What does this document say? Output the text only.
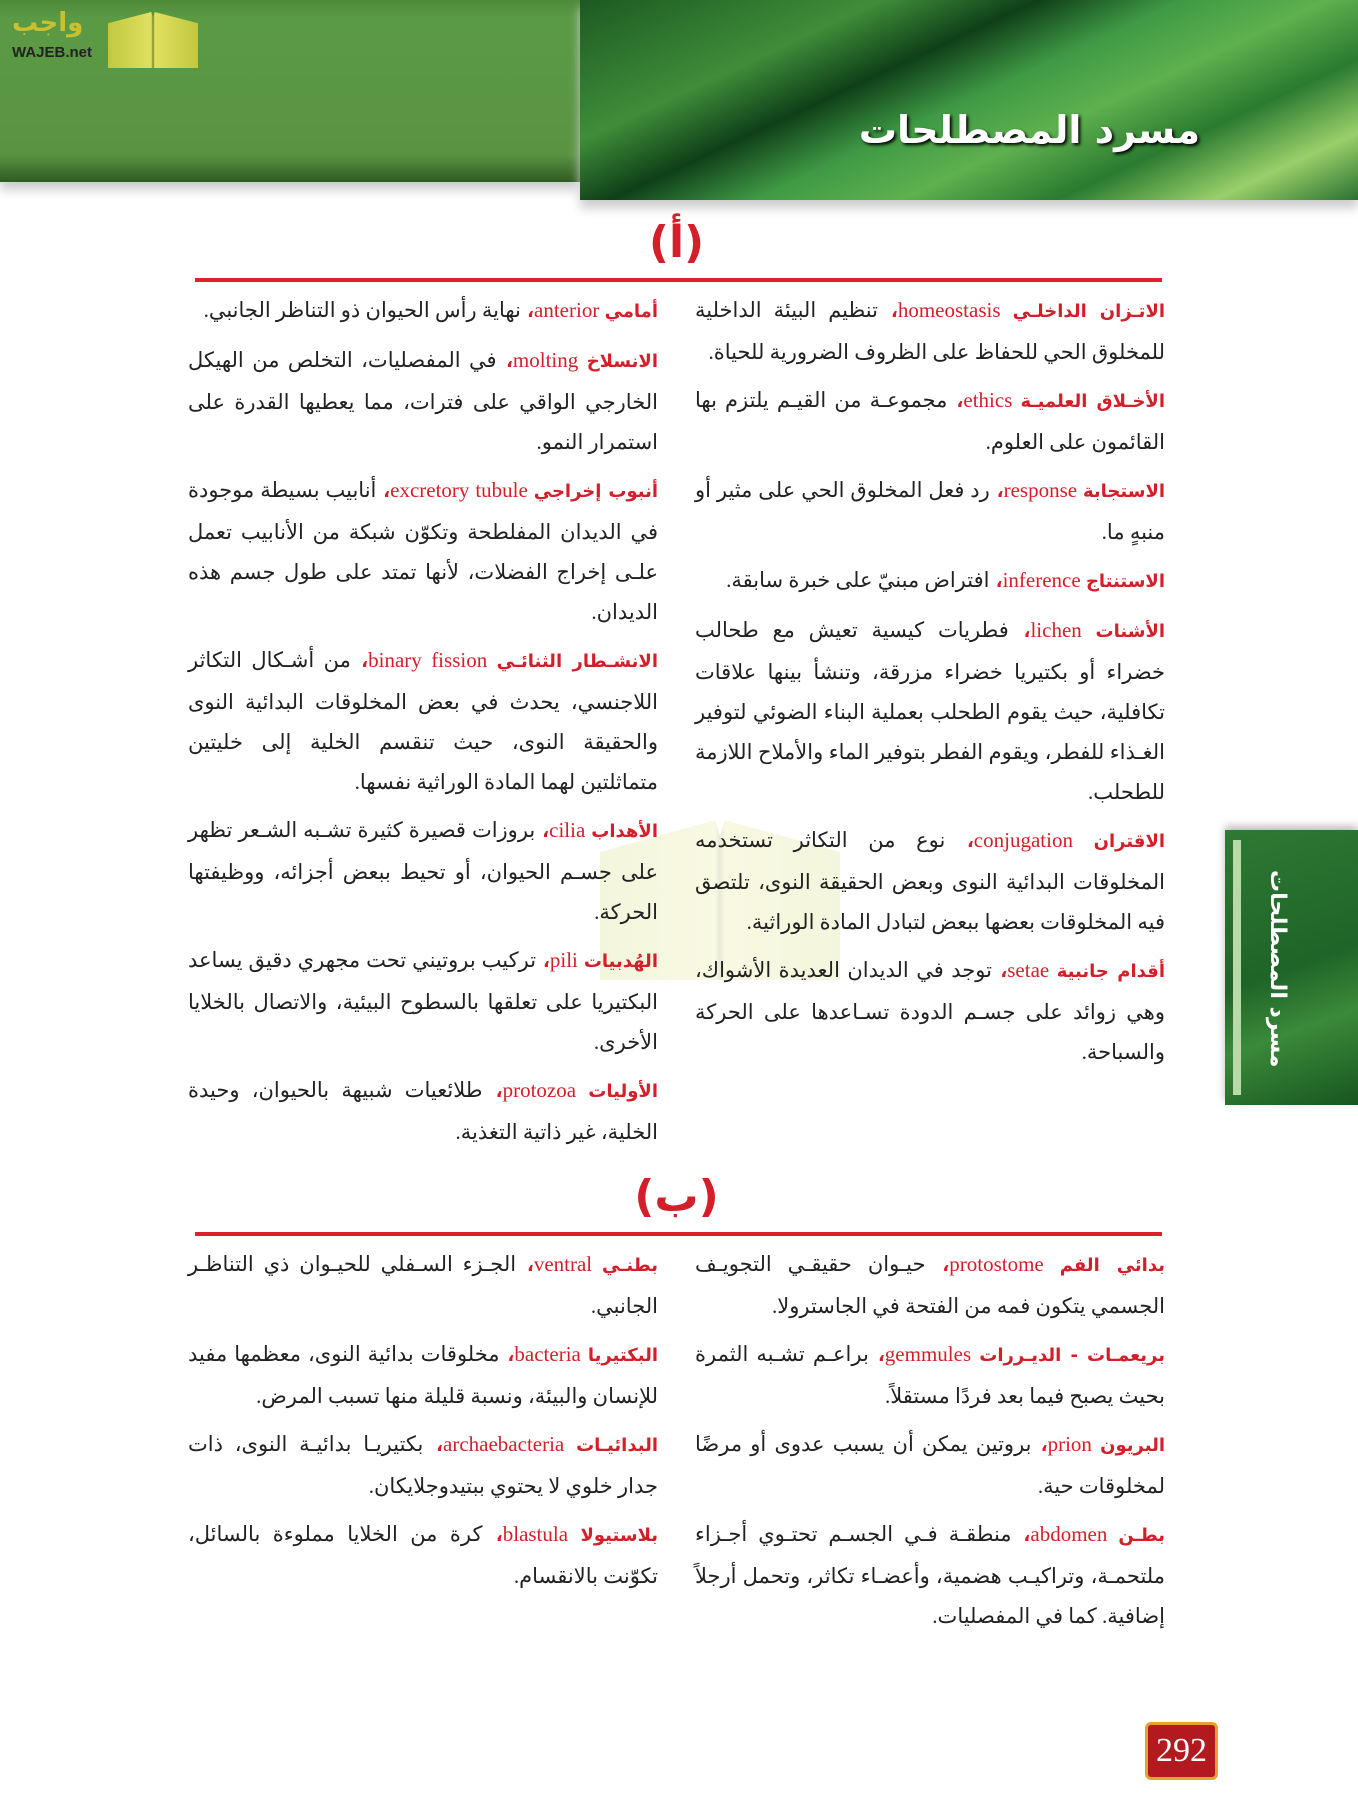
واجب
WAJEB.net
مسرد المصطلحات
(أ)

الاتـزان الداخلـي homeostasis، تنظيم البيئة الداخلية للمخلوق الحي للحفاظ على الظروف الضرورية للحياة.

الأخـلاق العلميـة ethics، مجموعـة من القيـم يلتزم بها القائمون على العلوم.

الاستجابة response، رد فعل المخلوق الحي على مثير أو منبهٍ ما.

الاستنتاج inference، افتراض مبنيّ على خبرة سابقة.

الأشنات lichen، فطريات كيسية تعيش مع طحالب خضراء أو بكتيريا خضراء مزرقة، وتنشأ بينها علاقات تكافلية، حيث يقوم الطحلب بعملية البناء الضوئي لتوفير الغـذاء للفطر، ويقوم الفطر بتوفير الماء والأملاح اللازمة للطحلب.

الاقتران conjugation، نوع من التكاثر تستخدمه المخلوقات البدائية النوى وبعض الحقيقة النوى، تلتصق فيه المخلوقات بعضها ببعض لتبادل المادة الوراثية.

أقدام جانبية setae، توجد في الديدان العديدة الأشواك، وهي زوائد على جسـم الدودة تسـاعدها على الحركة والسباحة.

أمامي anterior، نهاية رأس الحيوان ذو التناظر الجانبي.

الانسلاخ molting، في المفصليات، التخلص من الهيكل الخارجي الواقي على فترات، مما يعطيها القدرة على استمرار النمو.

أنبوب إخراجي excretory tubule، أنابيب بسيطة موجودة في الديدان المفلطحة وتكوّن شبكة من الأنابيب تعمل علـى إخراج الفضلات، لأنها تمتد على طول جسم هذه الديدان.

الانشـطار الثنائـي binary fission، من أشـكال التكاثر اللاجنسي، يحدث في بعض المخلوقات البدائية النوى والحقيقة النوى، حيث تنقسم الخلية إلى خليتين متماثلتين لهما المادة الوراثية نفسها.

الأهداب cilia، بروزات قصيرة كثيرة تشـبه الشـعر تظهر على جسـم الحيوان، أو تحيط ببعض أجزائه، ووظيفتها الحركة.

الهُدبيات pili، تركيب بروتيني تحت مجهري دقيق يساعد البكتيريا على تعلقها بالسطوح البيئية، والاتصال بالخلايا الأخرى.

الأوليات protozoa، طلائعيات شبيهة بالحيوان، وحيدة الخلية، غير ذاتية التغذية.

(ب)

بدائي الفم protostome، حيـوان حقيقـي التجويـف الجسمي يتكون فمه من الفتحة في الجاسترولا.

بريعمـات - الديـررات gemmules، براعـم تشـبه الثمرة بحيث يصبح فيما بعد فردًا مستقلاً.

البريون prion، بروتين يمكن أن يسبب عدوى أو مرضًا لمخلوقات حية.

بطـن abdomen، منطقـة فـي الجسـم تحتـوي أجـزاء ملتحمـة، وتراكيـب هضمية، وأعضـاء تكاثر، وتحمل أرجلاً إضافية. كما في المفصليات.

بطنـي ventral، الجـزء السـفلي للحيـوان ذي التناظـر الجانبي.

البكتيريا bacteria، مخلوقات بدائية النوى، معظمها مفيد للإنسان والبيئة، ونسبة قليلة منها تسبب المرض.

البدائيـات archaebacteria، بكتيريـا بدائيـة النوى، ذات جدار خلوي لا يحتوي ببتيدوجلايكان.

بلاستيولا blastula، كرة من الخلايا مملوءة بالسائل، تكوّنت بالانقسام.

مسرد المصطلحات
292
